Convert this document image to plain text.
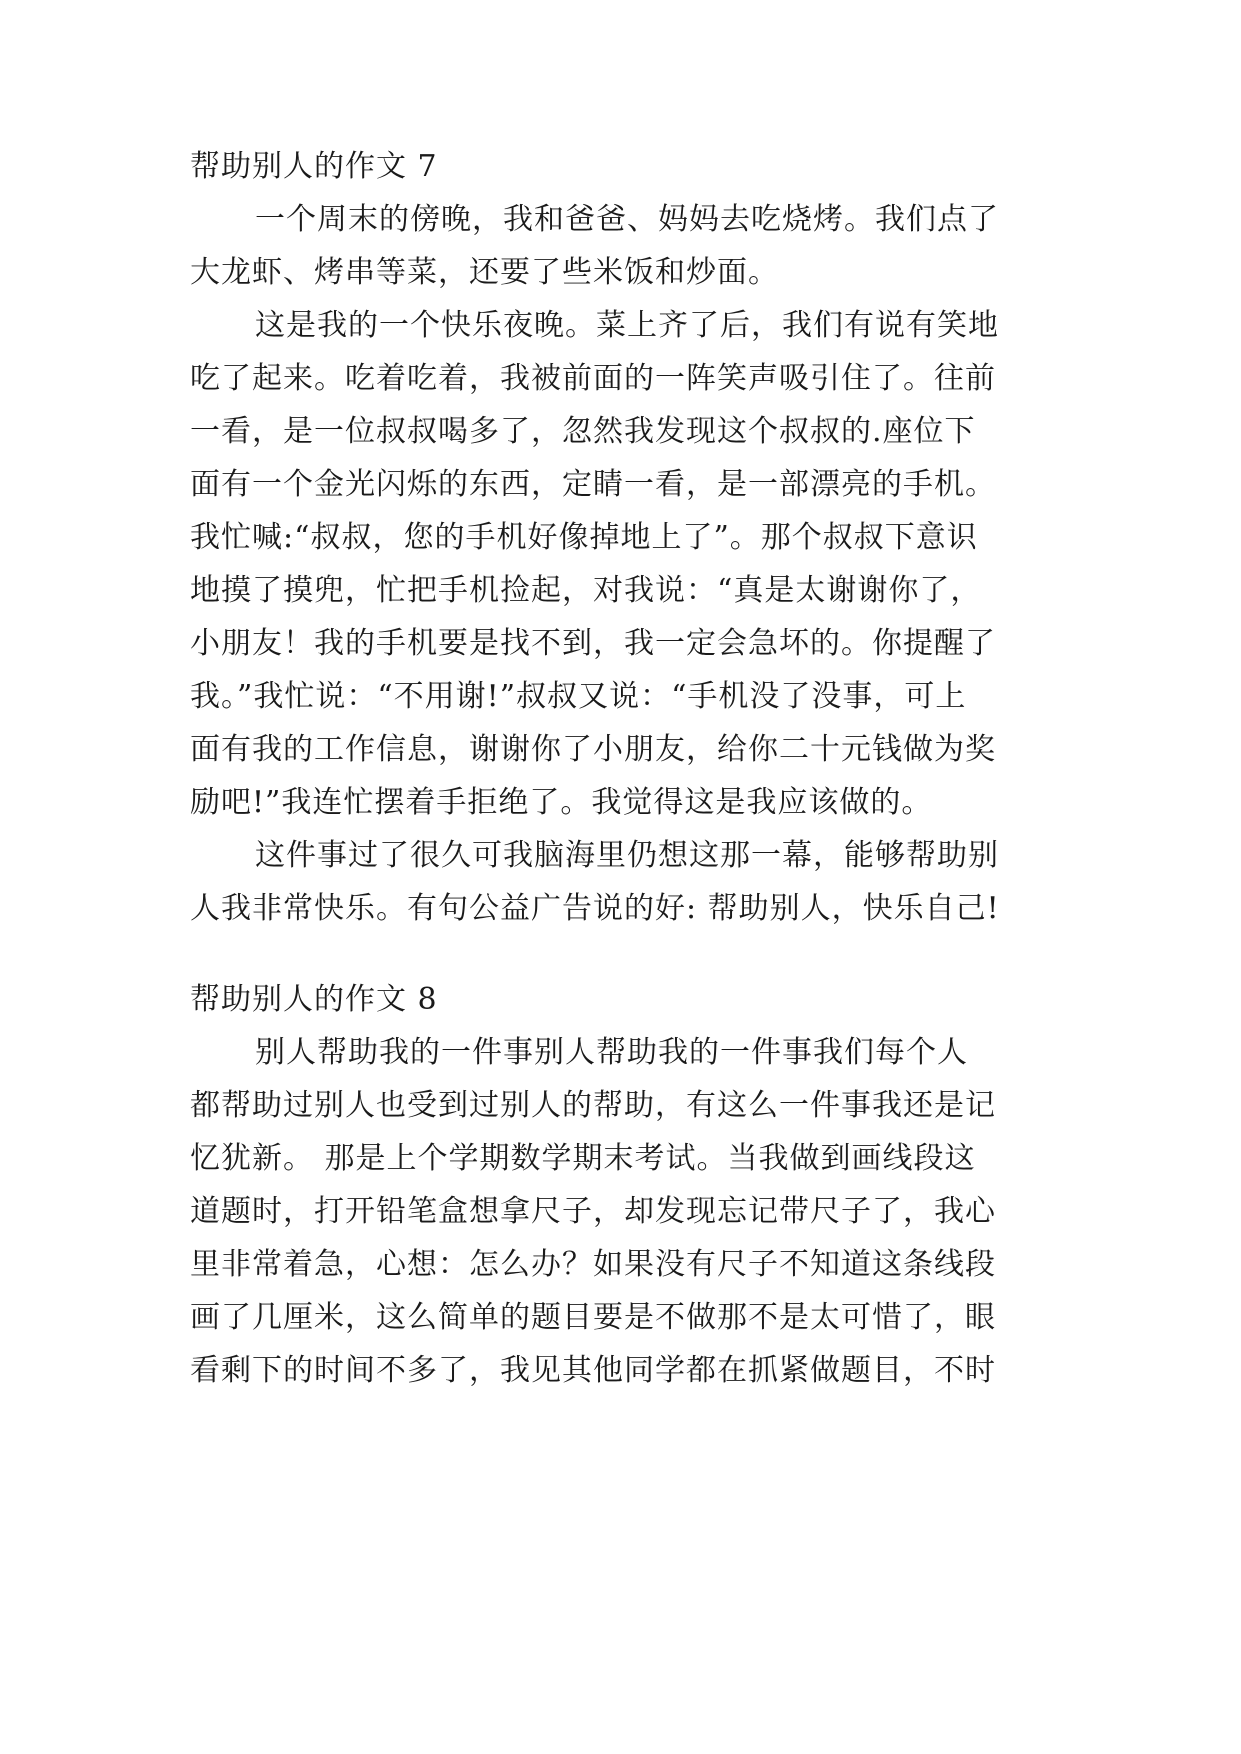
帮助别人的作文 7
一个周末的傍晚，我和爸爸、妈妈去吃烧烤。我们点了
大龙虾、烤串等菜，还要了些米饭和炒面。
这是我的一个快乐夜晚。菜上齐了后，我们有说有笑地
吃了起来。吃着吃着，我被前面的一阵笑声吸引住了。往前
一看，是一位叔叔喝多了，忽然我发现这个叔叔的.座位下
面有一个金光闪烁的东西，定睛一看，是一部漂亮的手机。
我忙喊:“叔叔，您的手机好像掉地上了”。那个叔叔下意识
地摸了摸兜，忙把手机捡起，对我说：“真是太谢谢你了，
小朋友！我的手机要是找不到，我一定会急坏的。你提醒了
我。”我忙说：“不用谢!”叔叔又说：“手机没了没事，可上
面有我的工作信息，谢谢你了小朋友，给你二十元钱做为奖
励吧!”我连忙摆着手拒绝了。我觉得这是我应该做的。
这件事过了很久可我脑海里仍想这那一幕，能够帮助别
人我非常快乐。有句公益广告说的好: 帮助别人，快乐自己!
帮助别人的作文 8
别人帮助我的一件事别人帮助我的一件事我们每个人
都帮助过别人也受到过别人的帮助，有这么一件事我还是记
忆犹新。 那是上个学期数学期末考试。当我做到画线段这
道题时，打开铅笔盒想拿尺子，却发现忘记带尺子了，我心
里非常着急，心想：怎么办？如果没有尺子不知道这条线段
画了几厘米，这么简单的题目要是不做那不是太可惜了，眼
看剩下的时间不多了，我见其他同学都在抓紧做题目，不时
